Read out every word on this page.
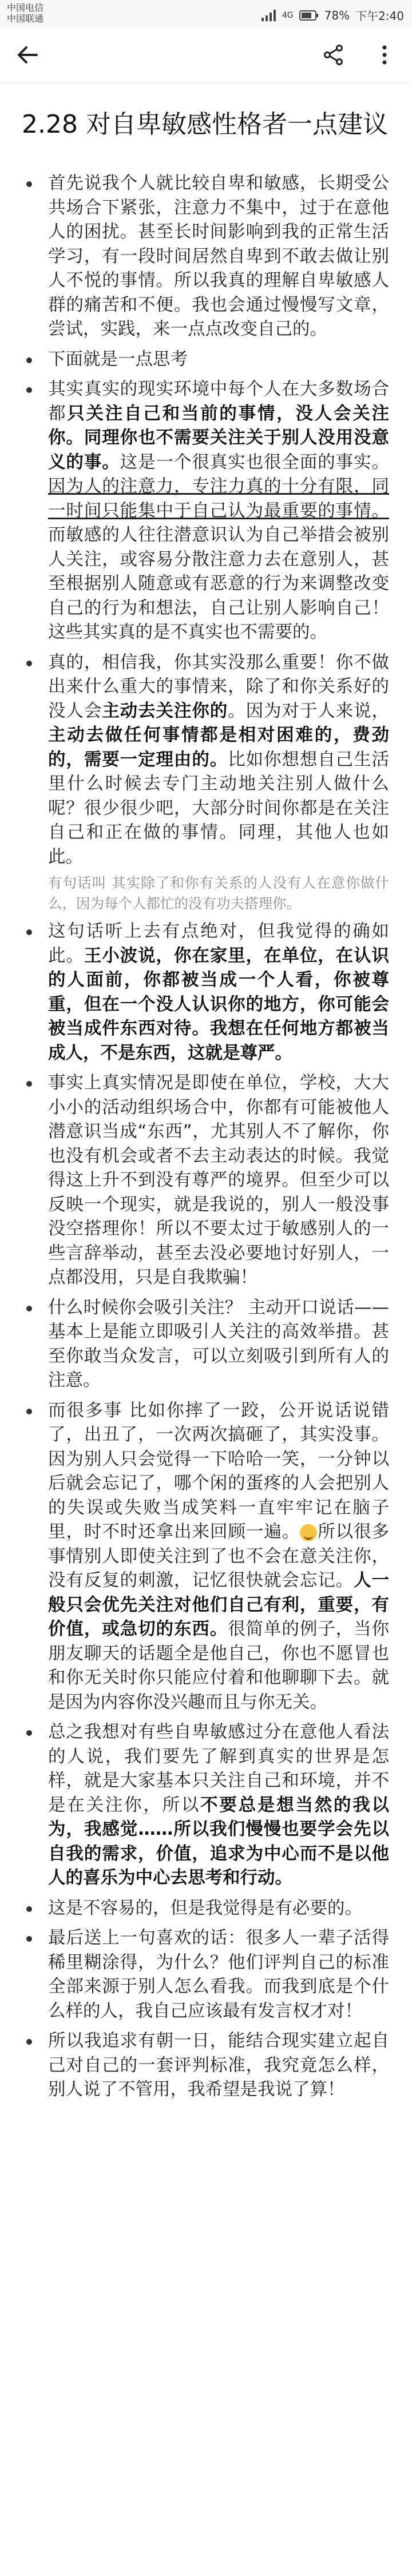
中国电信
中国联通	4G	78% 下午2:40
2.28 对自卑敏感性格者一点建议
首先说我个人就比较自卑和敏感，长期受公共场合下紧张，注意力不集中，过于在意他人的困扰。甚至长时间影响到我的正常生活学习，有一段时间居然自卑到不敢去做让别人不悦的事情。所以我真的理解自卑敏感人群的痛苦和不便。我也会通过慢慢写文章，尝试，实践，来一点点改变自己的。
下面就是一点思考
其实真实的现实环境中每个人在大多数场合都只关注自己和当前的事情，没人会关注你。同理你也不需要关注关于别人没用没意义的事。这是一个很真实也很全面的事实。因为人的注意力，专注力真的十分有限，同一时间只能集中于自己认为最重要的事情。而敏感的人往往潜意识认为自己举措会被别人关注，或容易分散注意力去在意别人，甚至根据别人随意或有恶意的行为来调整改变自己的行为和想法，自己让别人影响自己！这些其实真的是不真实也不需要的。
真的，相信我，你其实没那么重要！你不做出来什么重大的事情来，除了和你关系好的没人会主动去关注你的。因为对于人来说，主动去做任何事情都是相对困难的，费劲的，需要一定理由的。比如你想想自己生活里什么时候去专门主动地关注别人做什么呢？很少很少吧，大部分时间你都是在关注自己和正在做的事情。同理，其他人也如此。
有句话叫 其实除了和你有关系的人没有人在意你做什么，因为每个人都忙的没有功夫搭理你。
这句话听上去有点绝对，但我觉得的确如此。王小波说，你在家里，在单位，在认识的人面前，你都被当成一个人看，你被尊重，但在一个没人认识你的地方，你可能会被当成件东西对待。我想在任何地方都被当成人，不是东西，这就是尊严。
事实上真实情况是即使在单位，学校，大大小小的活动组织场合中，你都有可能被他人潜意识当成“东西”，尤其别人不了解你，你也没有机会或者不去主动表达的时候。我觉得这上升不到没有尊严的境界。但至少可以反映一个现实，就是我说的，别人一般没事没空搭理你！所以不要太过于敏感别人的一些言辞举动，甚至去没必要地讨好别人，一点都没用，只是自我欺骗！
什么时候你会吸引关注？ 主动开口说话——基本上是能立即吸引人关注的高效举措。甚至你敢当众发言，可以立刻吸引到所有人的注意。
而很多事 比如你摔了一跤，公开说话说错了，出丑了，一次两次搞砸了，其实没事。因为别人只会觉得一下哈哈一笑，一分钟以后就会忘记了，哪个闲的蛋疼的人会把别人的失误或失败当成笑料一直牢牢记在脑子里，时不时还拿出来回顾一遍。 所以很多事情别人即使关注到了也不会在意关注你，没有反复的刺激，记忆很快就会忘记。人一般只会优先关注对他们自己有利，重要，有价值，或急切的东西。很简单的例子，当你朋友聊天的话题全是他自己，你也不愿冒也和你无关时你只能应付着和他聊聊下去。就是因为内容你没兴趣而且与你无关。
总之我想对有些自卑敏感过分在意他人看法的人说，我们要先了解到真实的世界是怎样，就是大家基本只关注自己和环境，并不是在关注你，所以不要总是想当然的我以为，我感觉……所以我们慢慢也要学会先以自我的需求，价值，追求为中心而不是以他人的喜乐为中心去思考和行动。
这是不容易的，但是我觉得是有必要的。
最后送上一句喜欢的话：很多人一辈子活得稀里糊涂得，为什么？他们评判自己的标准全部来源于别人怎么看我。而我到底是个什么样的人，我自己应该最有发言权才对！
所以我追求有朝一日，能结合现实建立起自己对自己的一套评判标准，我究竟怎么样，别人说了不管用，我希望是我说了算！
